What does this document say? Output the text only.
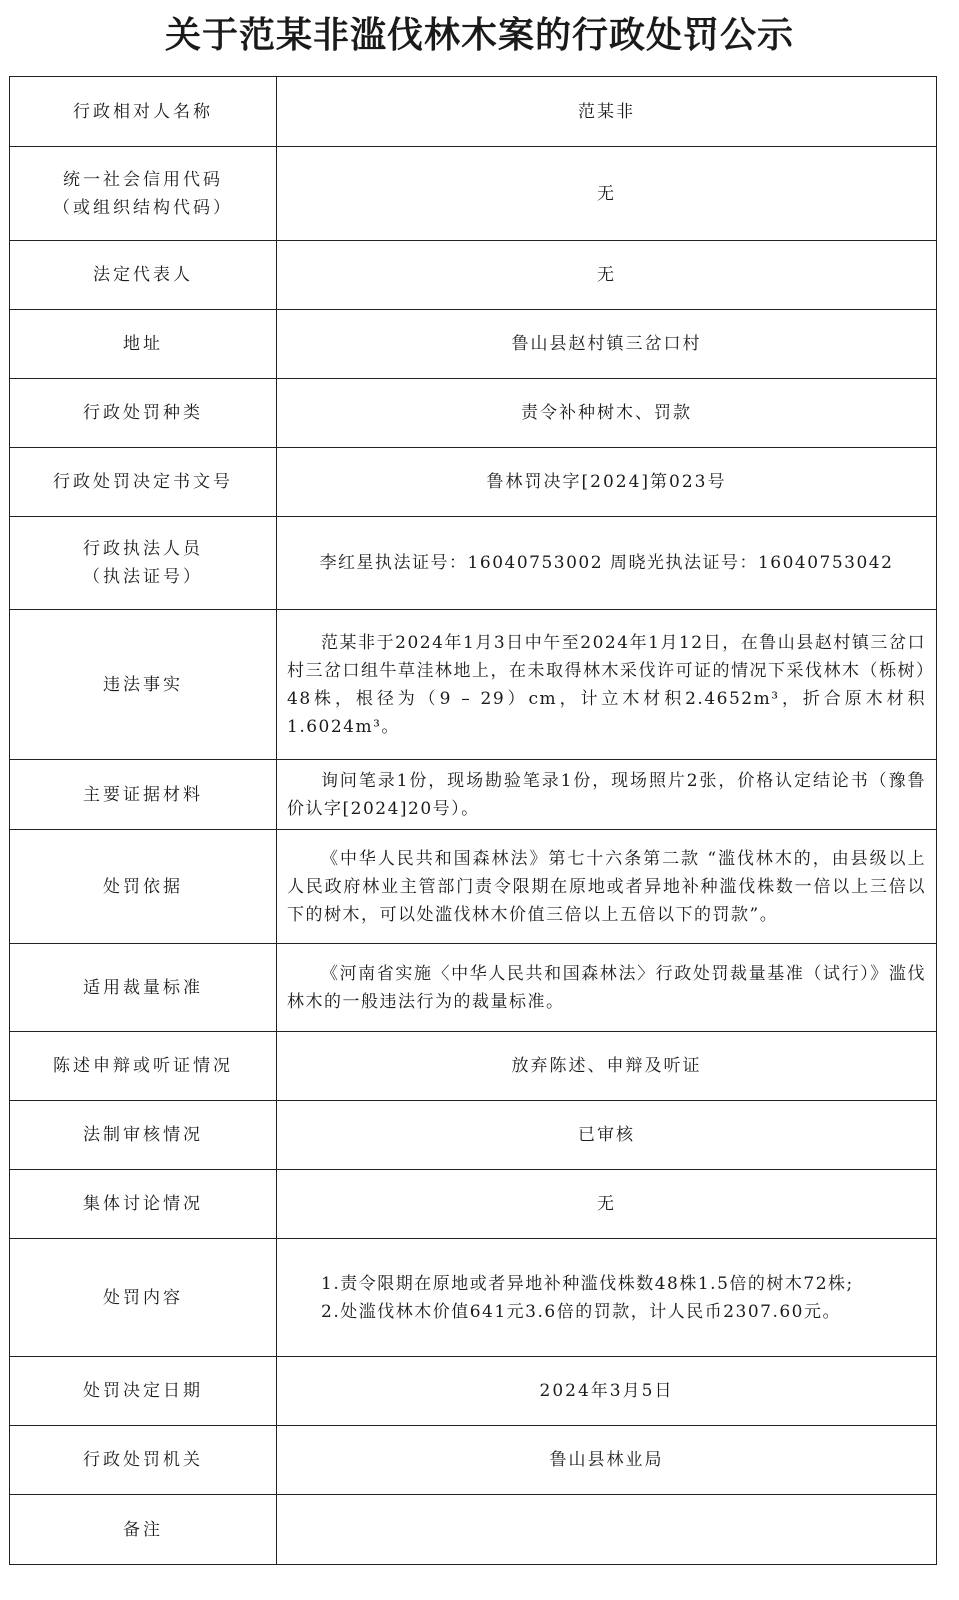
关于范某非滥伐林木案的行政处罚公示
行政相对人名称	范某非

统一社会信用代码
（或组织结构代码）	无
法定代表人	无
地址	鲁山县赵村镇三岔口村
行政处罚种类	责令补种树木、罚款
行政处罚决定书文号	鲁林罚决字[2024]第023号

行政执法人员
（执法证号）	李红星执法证号：16040753002 周晓光执法证号：16040753042
违法事实	范某非于2024年1月3日中午至2024年1月12日，在鲁山县赵村镇三岔口村三岔口组牛草洼林地上，在未取得林木采伐许可证的情况下采伐林木（栎树）48株，根径为（9 – 29）cm，计立木材积2.4652m³，折合原木材积1.6024m³。
主要证据材料	询问笔录1份，现场勘验笔录1份，现场照片2张，价格认定结论书（豫鲁价认字[2024]20号）。
处罚依据	《中华人民共和国森林法》第七十六条第二款 “滥伐林木的，由县级以上人民政府林业主管部门责令限期在原地或者异地补种滥伐株数一倍以上三倍以下的树木，可以处滥伐林木价值三倍以上五倍以下的罚款”。
适用裁量标准	《河南省实施〈中华人民共和国森林法〉行政处罚裁量基准（试行）》滥伐林木的一般违法行为的裁量标准。
陈述申辩或听证情况	放弃陈述、申辩及听证
法制审核情况	已审核
集体讨论情况	无
处罚内容	1.责令限期在原地或者异地补种滥伐株数48株1.5倍的树木72株;
2.处滥伐林木价值641元3.6倍的罚款，计人民币2307.60元。

处罚决定日期	2024年3月5日
行政处罚机关	鲁山县林业局
备注	
